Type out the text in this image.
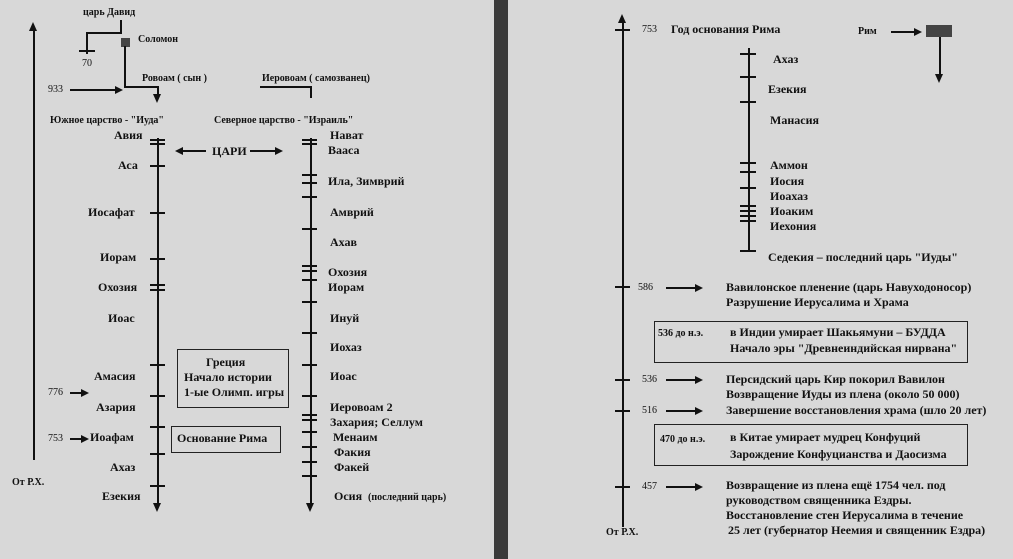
царь Давид
70
Соломон
Ровоам ( сын )	Иеровоам ( самозванец)
933
Южное царство - "Иуда"	Северное царство - "Израиль"
ЦАРИ
Авия
Аса
Иосафат
Иорам
Охозия
Иоас
Амасия
Азария
Иоафам
Ахаз
Езекия
Нават
Вааса
Ила, Зимврий
Амврий
Ахав
Охозия
Иорам
Инуй
Иохаз
Иоас
Иеровоам 2
Захария; Селлум
Менаим
Факия
Факей
Осия (последний царь)
776
753
Греция
Начало истории
1-ые Олимп. игры
Основание Рима
От Р.Х.
753 Год основания Рима	Рим
Ахаз
Езекия
Манасия
Аммон
Иосия
Иоахаз
Иоаким
Иехония
Седекия – последний царь "Иуды"
586	Вавилонское пленение (царь Навуходоносор)
Разрушение Иерусалима и Храма
536 до н.э. в Индии умирает Шакьямуни – БУДДА
Начало эры "Древнеиндийская нирвана"
536	Персидский царь Кир покорил Вавилон
Возвращение Иуды из плена (около 50 000)
516	Завершение восстановления храма (шло 20 лет)
470 до н.э. в Китае умирает мудрец Конфуций
Зарождение Конфуцианства и Даосизма
457	Возвращение из плена ещё 1754 чел. под
руководством священника Ездры.
Восстановление стен Иерусалима в течение
25 лет (губернатор Неемия и священник Ездра)
От Р.Х.
